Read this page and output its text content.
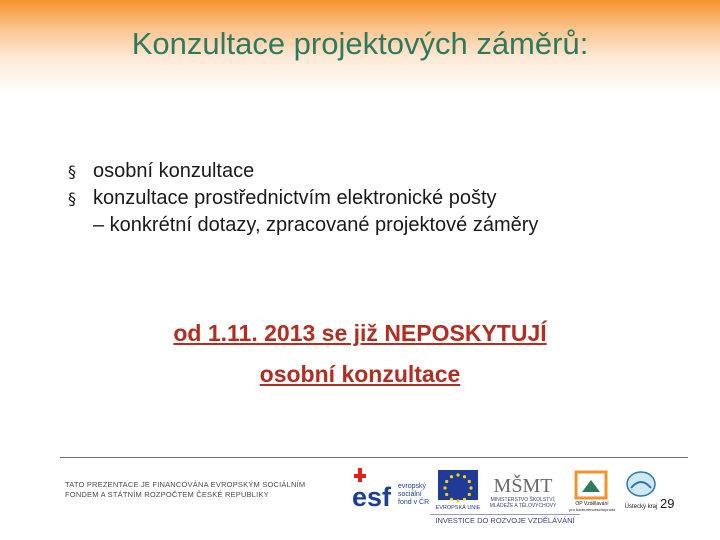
Konzultace projektových záměrů:
§ osobní konzultace
§ konzultace prostřednictvím elektronické pošty
– konkrétní dotazy, zpracované projektové záměry
od 1.11. 2013 se již NEPOSKYTUJÍ
osobní konzultace
TATO PREZENTACE JE FINANCOVÁNA EVROPSKÝM SOCIÁLNÍM
FONDEM A STÁTNÍM ROZPOČTEM ČESKÉ REPUBLIKY	esf evropský
sociální
fond v ČR
EVROPSKÁ UNIE
MŠMT
MINISTERSTVO ŠKOLSTVÍ,
MLÁDEŽE A TĚLOVÝCHOVY	OP Vzdělávání
pro konkurenceschopnost Ústecký kraj
INVESTICE DO ROZVOJE VZDĚLÁVÁNÍ
29
